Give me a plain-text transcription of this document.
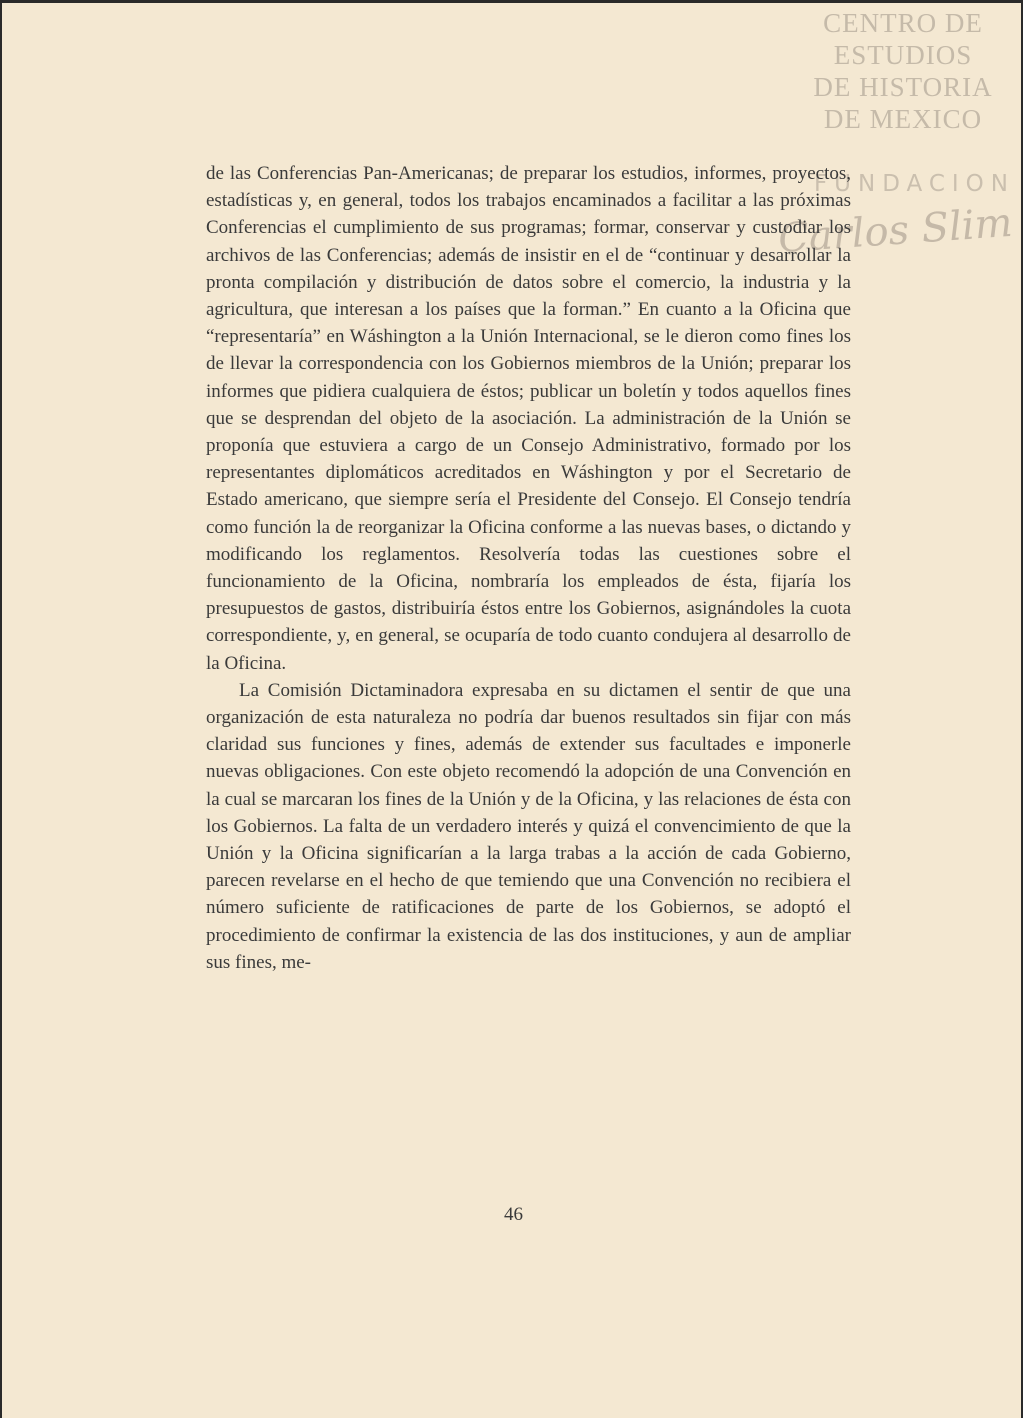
CENTRO DE
ESTUDIOS
DE HISTORIA
DE MEXICO
FUNDACION
Carlos Slim

de las Conferencias Pan-Americanas; de preparar los estudios, informes, proyectos, estadísticas y, en general, todos los trabajos encaminados a facilitar a las próximas Conferencias el cumplimiento de sus programas; formar, conservar y custodiar los archivos de las Conferencias; además de insistir en el de “continuar y desarrollar la pronta compilación y distribución de datos sobre el comercio, la industria y la agricultura, que interesan a los países que la forman.” En cuanto a la Oficina que “representaría” en Wáshington a la Unión Internacional, se le dieron como fines los de llevar la correspondencia con los Gobiernos miembros de la Unión; preparar los informes que pidiera cualquiera de éstos; publicar un boletín y todos aquellos fines que se desprendan del objeto de la asociación. La administración de la Unión se proponía que estuviera a cargo de un Consejo Administrativo, formado por los representantes diplomáticos acreditados en Wáshington y por el Secretario de Estado americano, que siempre sería el Presidente del Consejo. El Consejo tendría como función la de reorganizar la Oficina conforme a las nuevas bases, o dictando y modificando los reglamentos. Resolvería todas las cuestiones sobre el funcionamiento de la Oficina, nombraría los empleados de ésta, fijaría los presupuestos de gastos, distribuiría éstos entre los Gobiernos, asignándoles la cuota correspondiente, y, en general, se ocuparía de todo cuanto condujera al desarrollo de la Oficina.

La Comisión Dictaminadora expresaba en su dictamen el sentir de que una organización de esta naturaleza no podría dar buenos resultados sin fijar con más claridad sus funciones y fines, además de extender sus facultades e imponerle nuevas obligaciones. Con este objeto recomendó la adopción de una Convención en la cual se marcaran los fines de la Unión y de la Oficina, y las relaciones de ésta con los Gobiernos. La falta de un verdadero interés y quizá el convencimiento de que la Unión y la Oficina significarían a la larga trabas a la acción de cada Gobierno, parecen revelarse en el hecho de que temiendo que una Convención no recibiera el número suficiente de ratificaciones de parte de los Gobiernos, se adoptó el procedimiento de confirmar la existencia de las dos instituciones, y aun de ampliar sus fines, me-

46
